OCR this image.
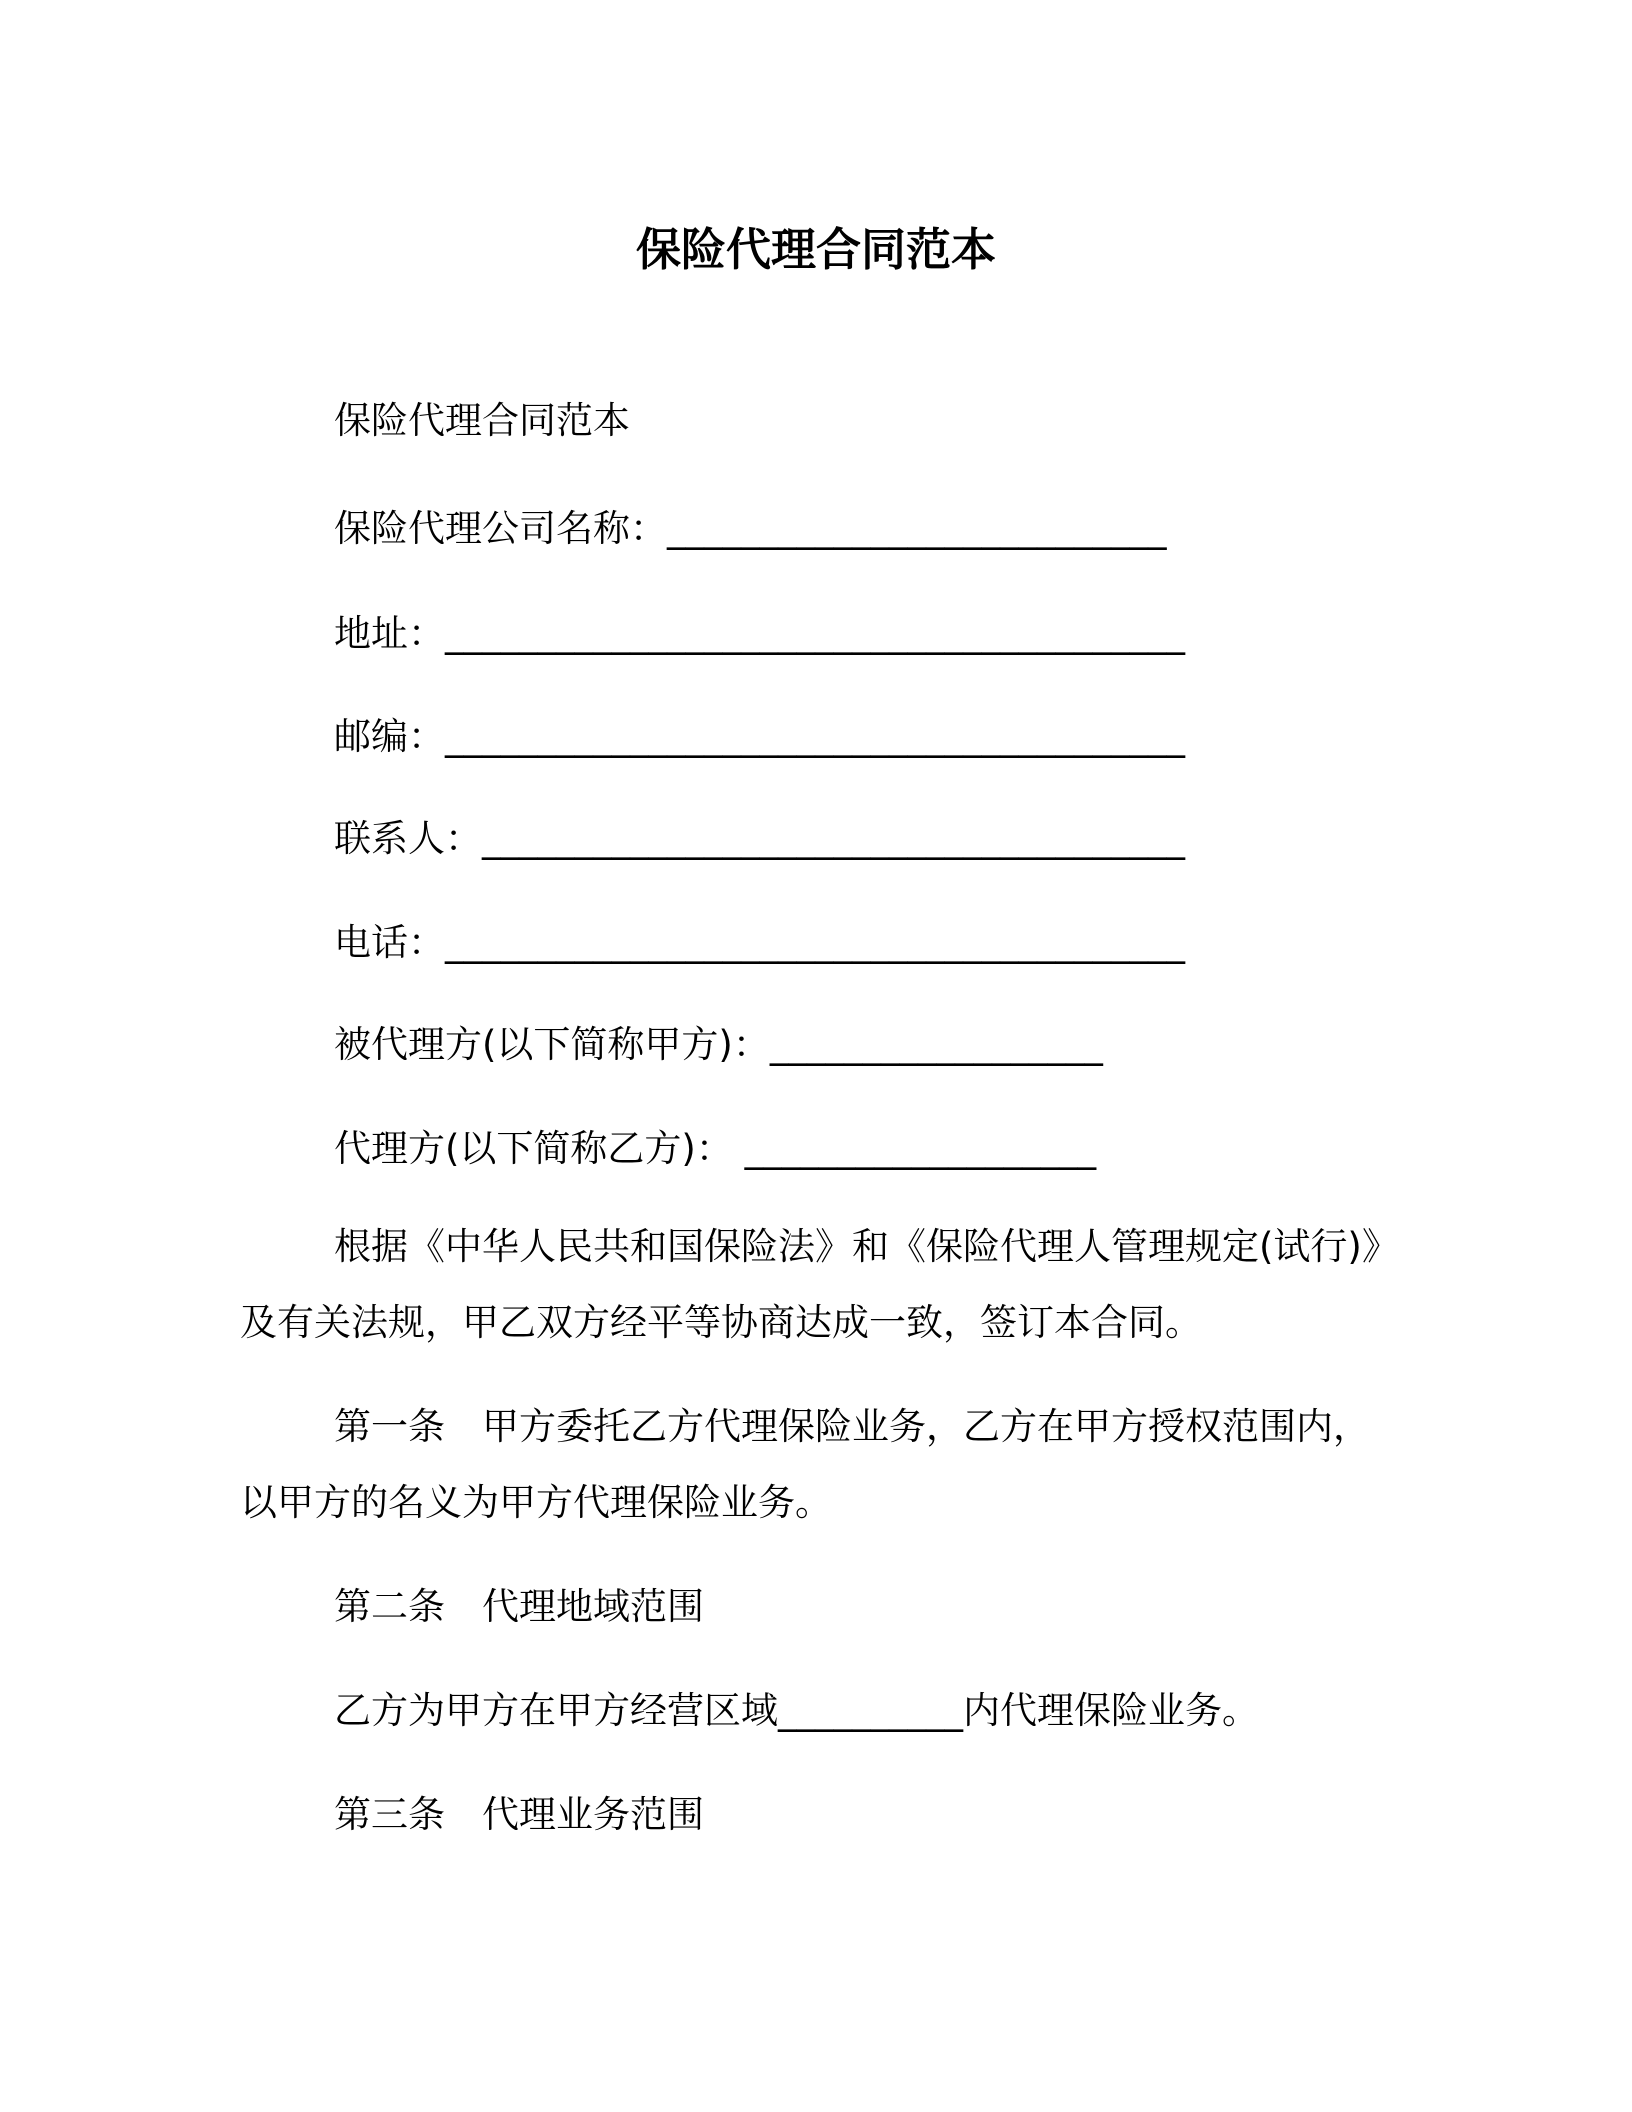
保险代理合同范本
保险代理合同范本
保险代理公司名称：___________________________
地址：________________________________________
邮编：________________________________________
联系人：______________________________________
电话：________________________________________
被代理方(以下简称甲方)：__________________
代理方(以下简称乙方)： ___________________
根据《中华人民共和国保险法》和《保险代理人管理规定(试行)》及有关法规，甲乙双方经平等协商达成一致，签订本合同。
第一条　甲方委托乙方代理保险业务，乙方在甲方授权范围内，以甲方的名义为甲方代理保险业务。
第二条　代理地域范围
乙方为甲方在甲方经营区域__________内代理保险业务。
第三条　代理业务范围
